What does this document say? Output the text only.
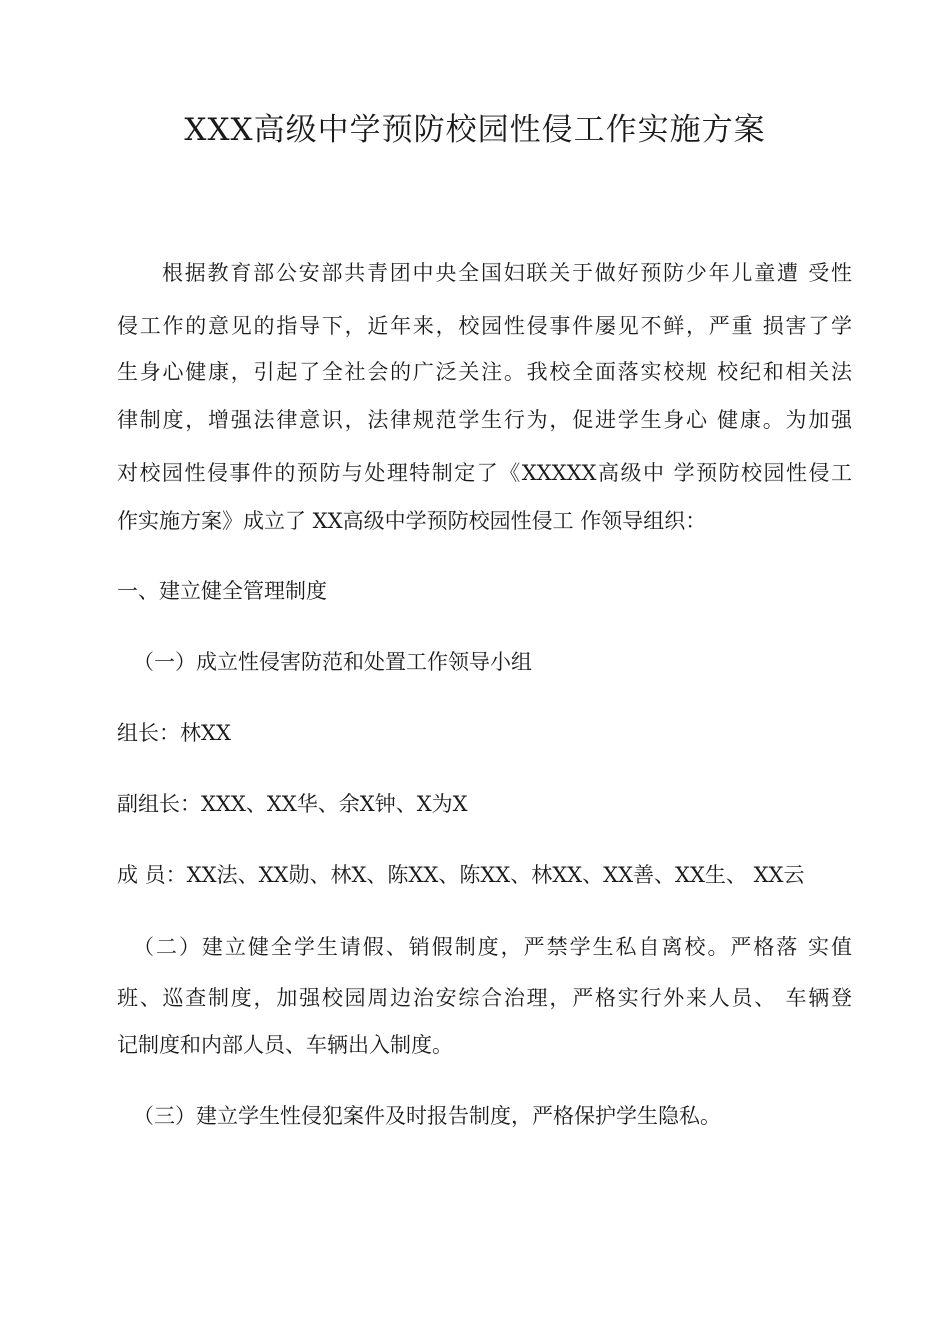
XXX高级中学预防校园性侵工作实施方案
根据教育部公安部共青团中央全国妇联关于做好预防少年儿童遭 受性
侵工作的意见的指导下，近年来，校园性侵事件屡见不鲜，严重 损害了学
生身心健康，引起了全社会的广泛关注。我校全面落实校规 校纪和相关法
律制度，增强法律意识，法律规范学生行为，促进学生身心 健康。为加强
对校园性侵事件的预防与处理特制定了《XXXXX高级中 学预防校园性侵工
作实施方案》成立了 XX高级中学预防校园性侵工 作领导组织：
一、建立健全管理制度
（一）成立性侵害防范和处置工作领导小组
组长：林XX
副组长：XXX、XX华、余X钟、X为X
成 员：XX法、XX勋、林X、陈XX、陈XX、林XX、XX善、XX生、 XX云
（二）建立健全学生请假、销假制度，严禁学生私自离校。严格落 实值
班、巡查制度，加强校园周边治安综合治理，严格实行外来人员、 车辆登
记制度和内部人员、车辆出入制度。
（三）建立学生性侵犯案件及时报告制度，严格保护学生隐私。
